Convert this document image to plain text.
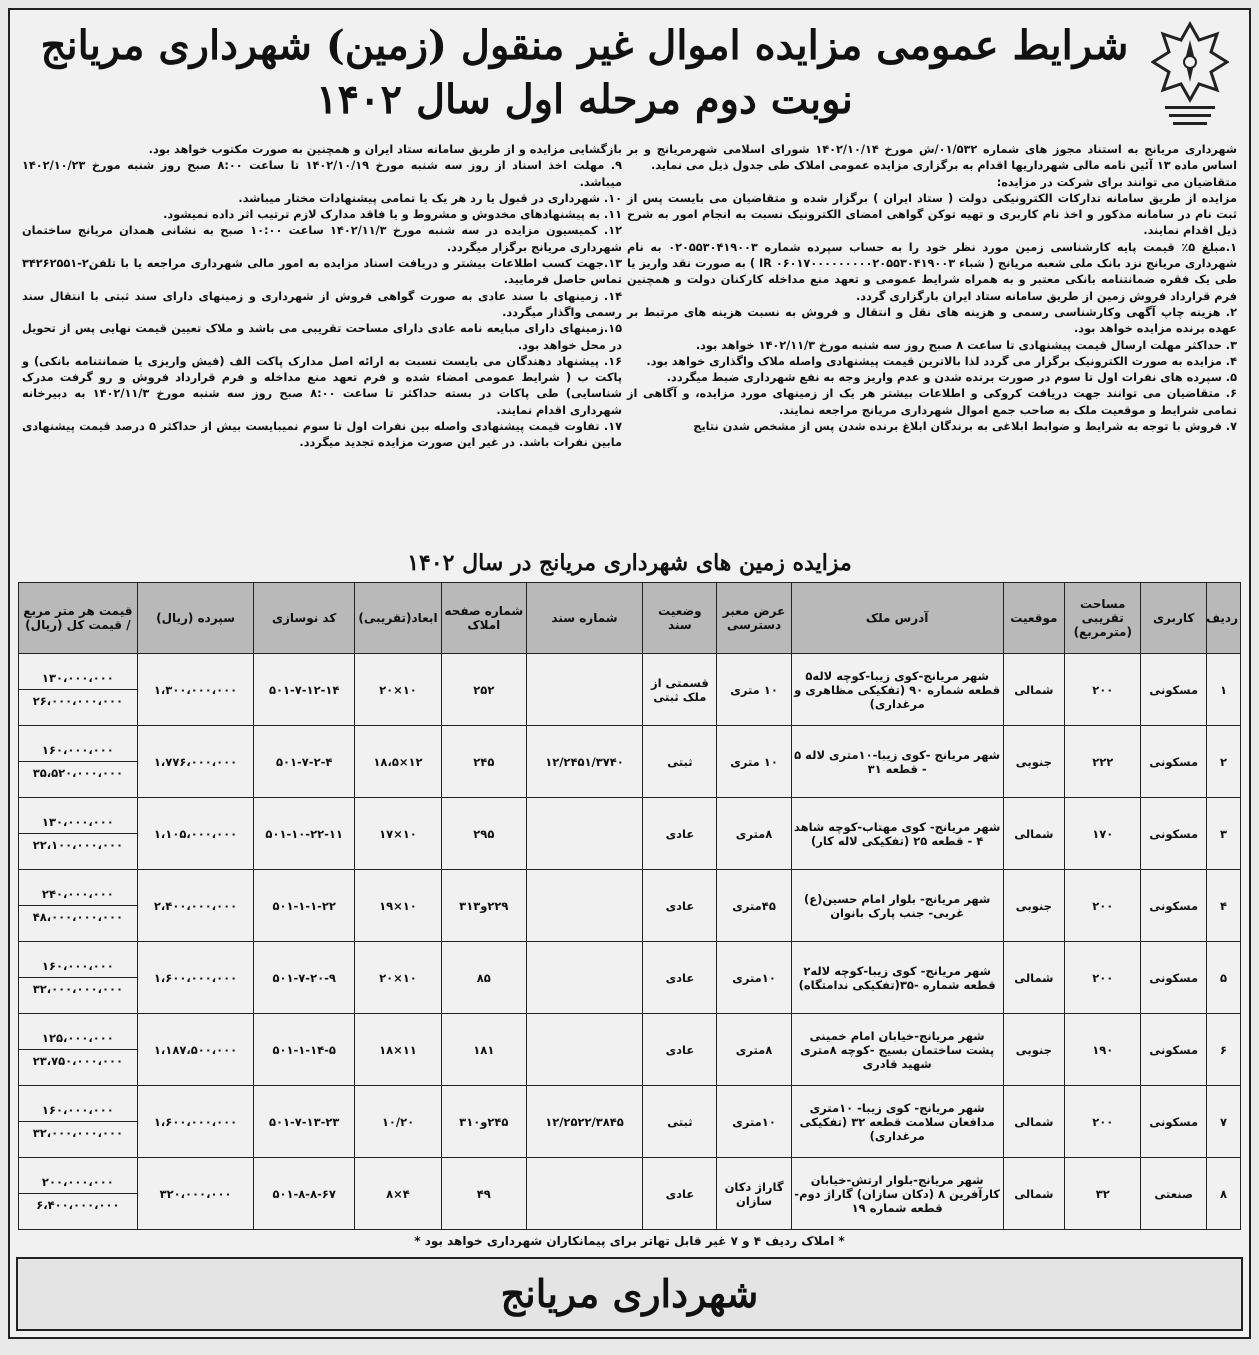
شرایط عمومی مزایده اموال غیر منقول (زمین) شهرداری مریانج
نوبت دوم مرحله اول سال ۱۴۰۲

شهرداری مریانج به استناد مجوز های شماره ۰۱/۵۳۲/ش مورخ ۱۴۰۲/۱۰/۱۴ شورای اسلامی شهرمریانج و بر اساس ماده ۱۳ آئین نامه مالی شهرداریها اقدام به برگزاری مزایده عمومی املاک طی جدول ذیل می نماید.

متقاضیان می توانند برای شرکت در مزایده:

مزایده از طریق سامانه تدارکات الکترونیکی دولت ( ستاد ایران ) برگزار شده و متقاضیان می بایست پس از ثبت نام در سامانه مذکور و اخذ نام کاربری و تهیه توکن گواهی امضای الکترونیک نسبت به انجام امور به شرح ذیل اقدام نمایند.

۱.مبلغ ۵٪ قیمت پایه کارشناسی زمین مورد نظر خود را به حساب سپرده شماره ۰۲۰۵۵۳۰۴۱۹۰۰۳ به نام شهرداری مریانج نزد بانک ملی شعبه مریانج ( شباء ۰۶۰۱۷۰۰۰۰۰۰۰۰۰۲۰۵۵۳۰۴۱۹۰۰۳ IR ) به صورت نقد واریز یا طی یک فقره ضمانتنامه بانکی معتبر و به همراه شرایط عمومی و تعهد منع مداخله کارکنان دولت و همچنین فرم قرارداد فروش زمین از طریق سامانه ستاد ایران بارگزاری گردد.

۲. هزینه چاپ آگهی وکارشناسی رسمی و هزینه های نقل و انتقال و فروش به نسبت هزینه های مرتبط بر عهده برنده مزایده خواهد بود.

۳. حداکثر مهلت ارسال قیمت پیشنهادی تا ساعت ۸ صبح روز سه شنبه مورخ ۱۴۰۲/۱۱/۳ خواهد بود.

۴. مزایده به صورت الکترونیک برگزار می گردد لذا بالاترین قیمت پیشنهادی واصله ملاک واگذاری خواهد بود.

۵. سپرده های نفرات اول تا سوم در صورت برنده شدن و عدم واریز وجه به نفع شهرداری ضبط میگردد.

۶. متقاضیان می توانند جهت دریافت کروکی و اطلاعات بیشتر هر یک از زمینهای مورد مزایده، و آگاهی از تمامی شرایط و موقعیت ملک به صاحب جمع اموال شهرداری مریانج مراجعه نمایند.

۷. فروش با توجه به شرایط و ضوابط ابلاغی به برندگان ابلاغ برنده شدن پس از مشخص شدن نتایج

بازگشایی مزایده و از طریق سامانه ستاد ایران و همچنین به صورت مکتوب خواهد بود.

۹. مهلت اخذ اسناد از روز سه شنبه مورخ ۱۴۰۲/۱۰/۱۹ تا ساعت ۸:۰۰ صبح روز شنبه مورخ ۱۴۰۲/۱۰/۲۳ میباشد.

۱۰. شهرداری در قبول یا رد هر یک یا تمامی پیشنهادات مختار میباشد.

۱۱. به پیشنهادهای مخدوش و مشروط و یا فاقد مدارک لازم ترتیب اثر داده نمیشود.

۱۲. کمیسیون مزایده در سه شنبه مورخ ۱۴۰۲/۱۱/۳ ساعت ۱۰:۰۰ صبح به نشانی همدان مریانج ساختمان شهرداری مریانج برگزار میگردد.

۱۳.جهت کسب اطلاعات بیشتر و دریافت اسناد مزایده به امور مالی شهرداری مراجعه یا با تلفن۲-۳۴۲۶۲۵۵۱ تماس حاصل فرمایید.

۱۴. زمینهای با سند عادی به صورت گواهی فروش از شهرداری و زمینهای دارای سند ثبتی با انتقال سند رسمی واگذار میگردد.

۱۵.زمینهای دارای مبایعه نامه عادی دارای مساحت تقریبی می باشد و ملاک تعیین قیمت نهایی پس از تحویل در محل خواهد بود.

۱۶. پیشنهاد دهندگان می بایست نسبت به ارائه اصل مدارک پاکت الف (فیش واریزی یا ضمانتنامه بانکی) و پاکت ب ( شرایط عمومی امضاء شده و فرم تعهد منع مداخله و فرم قرارداد فروش و رو گرفت مدرک شناسایی) طی پاکات در بسته حداکثر تا ساعت ۸:۰۰ صبح روز سه شنبه مورخ ۱۴۰۲/۱۱/۳ به دبیرخانه شهرداری اقدام نمایند.

۱۷. تفاوت قیمت پیشنهادی واصله بین نفرات اول تا سوم نمیبایست بیش از حداکثر ۵ درصد قیمت پیشنهادی مابین نفرات باشد. در غیر این صورت مزایده تجدید میگردد.

مزایده زمین های شهرداری مریانج در سال ۱۴۰۲
ردیف	کاربری	مساحت تقریبی (مترمربع)	موقعیت	آدرس ملک	عرض معبر دسترسی	وضعیت سند	شماره سند	شماره صفحه املاک	ابعاد(تقریبی)	کد نوسازی	سپرده (ریال)	قیمت هر متر مربع / قیمت کل (ریال)
۱	مسکونی	۲۰۰	شمالی	شهر مریانج-کوی زیبا-کوچه لاله۵ قطعه شماره ۹۰ (تفکیکی مظاهری و مرغداری)	۱۰ متری	قسمتی از ملک ثبتی		۲۵۲	۱۰×۲۰	۵۰۱-۷-۱۲-۱۴	۱،۳۰۰،۰۰۰،۰۰۰	۱۳۰،۰۰۰،۰۰۰
۲۶،۰۰۰،۰۰۰،۰۰۰

۲	مسکونی	۲۲۲	جنوبی	شهر مریانج -کوی زیبا-۱۰متری لاله ۵ - قطعه ۳۱	۱۰ متری	ثبتی	۱۲/۲۴۵۱/۳۷۴۰	۲۴۵	۱۲×۱۸،۵	۵۰۱-۷-۲-۴	۱،۷۷۶،۰۰۰،۰۰۰	۱۶۰،۰۰۰،۰۰۰
۳۵،۵۲۰،۰۰۰،۰۰۰

۳	مسکونی	۱۷۰	شمالی	شهر مریانج- کوی مهتاب-کوچه شاهد ۴ - قطعه ۲۵ (تفکیکی لاله کار)	۸متری	عادی		۲۹۵	۱۰×۱۷	۵۰۱-۱۰-۲۲-۱۱	۱،۱۰۵،۰۰۰،۰۰۰	۱۳۰،۰۰۰،۰۰۰
۲۲،۱۰۰،۰۰۰،۰۰۰

۴	مسکونی	۲۰۰	جنوبی	شهر مریانج- بلوار امام حسین(ع) غربی- جنب پارک بانوان	۴۵متری	عادی		۲۲۹و۳۱۳	۱۰×۱۹	۵۰۱-۱-۱-۲۲	۲،۴۰۰،۰۰۰،۰۰۰	۲۴۰،۰۰۰،۰۰۰
۴۸،۰۰۰،۰۰۰،۰۰۰

۵	مسکونی	۲۰۰	شمالی	شهر مریانج- کوی زیبا-کوچه لاله۲ قطعه شماره -۳۵(تفکیکی ندامتگاه)	۱۰متری	عادی		۸۵	۱۰×۲۰	۵۰۱-۷-۲۰-۹	۱،۶۰۰،۰۰۰،۰۰۰	۱۶۰،۰۰۰،۰۰۰
۳۲،۰۰۰،۰۰۰،۰۰۰

۶	مسکونی	۱۹۰	جنوبی	شهر مریانج-خیابان امام خمینی پشت ساختمان بسیج -کوچه ۸متری شهید قادری	۸متری	عادی		۱۸۱	۱۱×۱۸	۵۰۱-۱-۱۴-۵	۱،۱۸۷،۵۰۰،۰۰۰	۱۲۵،۰۰۰،۰۰۰
۲۳،۷۵۰،۰۰۰،۰۰۰

۷	مسکونی	۲۰۰	شمالی	شهر مریانج- کوی زیبا- ۱۰متری مدافعان سلامت قطعه ۳۲ (تفکیکی مرغداری)	۱۰متری	ثبتی	۱۲/۲۵۲۲/۳۸۴۵	۲۴۵و۳۱۰	۱۰/۲۰	۵۰۱-۷-۱۳-۲۳	۱،۶۰۰،۰۰۰،۰۰۰	۱۶۰،۰۰۰،۰۰۰
۳۲،۰۰۰،۰۰۰،۰۰۰

۸	صنعتی	۳۲	شمالی	شهر مریانج-بلوار ارتش-خیابان کارآفرین ۸ (دکان سازان) گاراژ دوم- قطعه شماره ۱۹	گاراژ دکان سازان	عادی		۴۹	۴×۸	۵۰۱-۸-۸-۶۷	۳۲۰،۰۰۰،۰۰۰	۲۰۰،۰۰۰،۰۰۰
۶،۴۰۰،۰۰۰،۰۰۰
* املاک ردیف ۴ و ۷ غیر قابل تهاتر برای پیمانکاران شهرداری خواهد بود *
شهرداری مریانج
